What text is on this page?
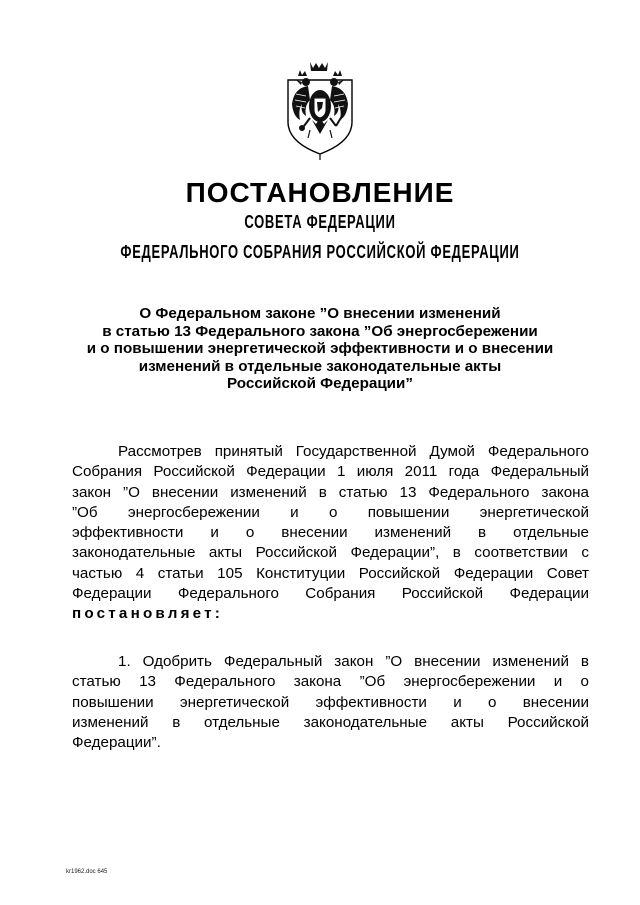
ПОСТАНОВЛЕНИЕ
СОВЕТА ФЕДЕРАЦИИ
ФЕДЕРАЛЬНОГО СОБРАНИЯ РОССИЙСКОЙ ФЕДЕРАЦИИ
О Федеральном законе ”О внесении изменений
в статью 13 Федерального закона ”Об энергосбережении
и о повышении энергетической эффективности и о внесении
изменений в отдельные законодательные акты
Российской Федерации”
Рассмотрев принятый Государственной Думой Федерального
Собрания Российской Федерации 1 июля 2011 года Федеральный
закон ”О внесении изменений в статью 13 Федерального закона
”Об энергосбережении и о повышении энергетической
эффективности и о внесении изменений в отдельные
законодательные акты Российской Федерации”, в соответствии с
частью 4 статьи 105 Конституции Российской Федерации Совет
Федерации Федерального Собрания Российской Федерации
постановляет:
1. Одобрить Федеральный закон ”О внесении изменений в
статью 13 Федерального закона ”Об энергосбережении и о
повышении энергетической эффективности и о внесении
изменений в отдельные законодательные акты Российской
Федерации”.
kr1962.doc 645
